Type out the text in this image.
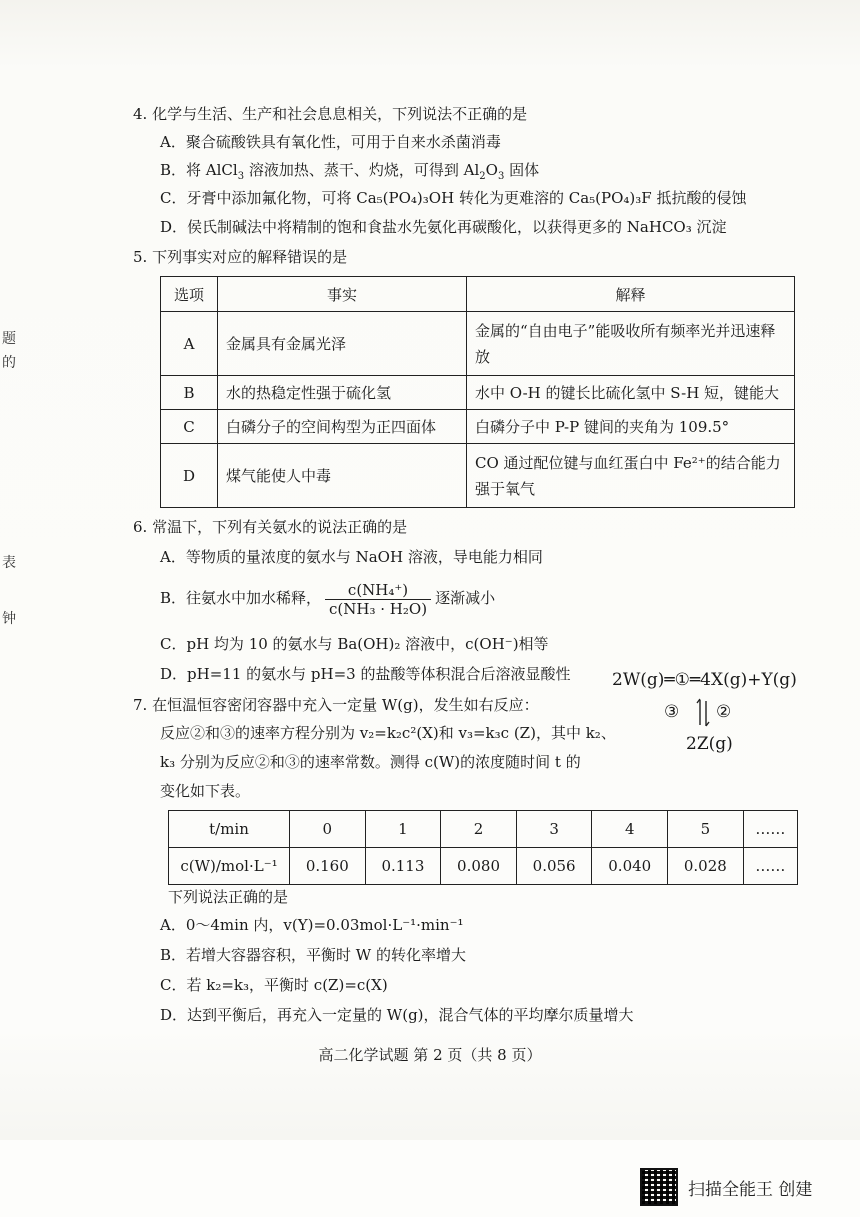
题
的
表
钟
4. 化学与生活、生产和社会息息相关，下列说法不正确的是
A．聚合硫酸铁具有氧化性，可用于自来水杀菌消毒
B．将 AlCl$_3$ 溶液加热、蒸干、灼烧，可得到 $Al_2O_3$ 固体
C．牙膏中添加氟化物，可将 Ca₅(PO₄)₃OH 转化为更难溶的 Ca₅(PO₄)₃F 抵抗酸的侵蚀
D．侯氏制碱法中将精制的饱和食盐水先氨化再碳酸化，以获得更多的 NaHCO₃ 沉淀
5. 下列事实对应的解释错误的是
选项	事实	解释
A	金属具有金属光泽	金属的“自由电子”能吸收所有频率光并迅速释放
B	水的热稳定性强于硫化氢	水中 O-H 的键长比硫化氢中 S-H 短，键能大
C	白磷分子的空间构型为正四面体	白磷分子中 P-P 键间的夹角为 109.5°
D	煤气能使人中毒	CO 通过配位键与血红蛋白中 Fe²⁺的结合能力强于氧气
6. 常温下，下列有关氨水的说法正确的是
A．等物质的量浓度的氨水与 NaOH 溶液，导电能力相同
B．往氨水中加水稀释， $\frac{\text{c(NH₄⁺)}}{\text{c(NH₃ · H₂O)}}$ 逐渐减小
C．pH 均为 10 的氨水与 Ba(OH)₂ 溶液中，c(OH⁻)相等
D．pH=11 的氨水与 pH=3 的盐酸等体积混合后溶液显酸性
7. 在恒温恒容密闭容器中充入一定量 W(g)，发生如右反应：
反应②和③的速率方程分别为 v₂=k₂c²(X)和 v₃=k₃c (Z)，其中 k₂、
k₃ 分别为反应②和③的速率常数。测得 c(W)的浓度随时间 t 的
变化如下表。
2W(g)═①═4X(g)+Y(g)
③ ②
2Z(g)
t/min	0	1	2	3	4	5	……
c(W)/mol·L⁻¹	0.160	0.113	0.080	0.056	0.040	0.028	……
下列说法正确的是
A．0～4min 内，v(Y)=0.03mol·L⁻¹·min⁻¹
B．若增大容器容积，平衡时 W 的转化率增大
C．若 k₂=k₃，平衡时 c(Z)=c(X)
D．达到平衡后，再充入一定量的 W(g)，混合气体的平均摩尔质量增大
高二化学试题 第 2 页（共 8 页）
扫描全能王 创建
